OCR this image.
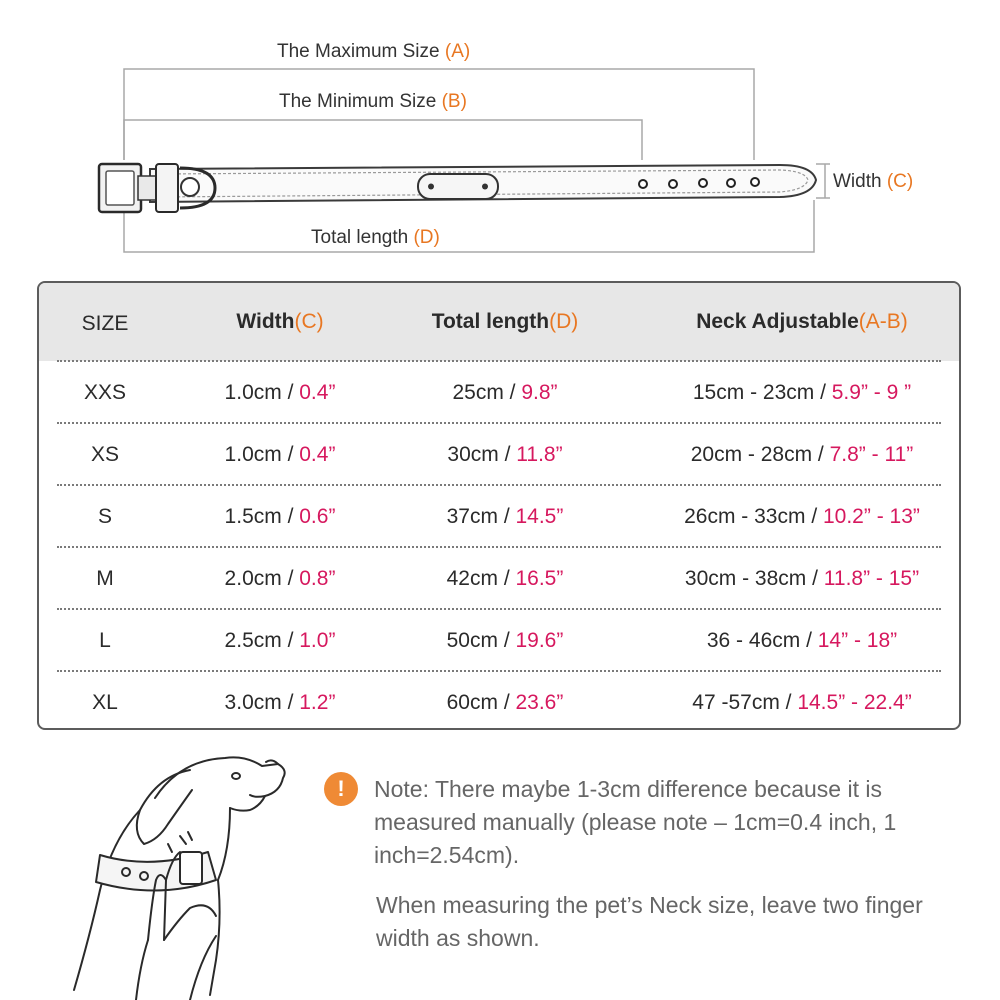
The Maximum Size (A)
The Minimum Size (B)
Width (C)
Total length (D)
SIZE	Width(C)	Total length(D)	Neck Adjustable(A-B)
XXS	1.0cm / 0.4”	25cm / 9.8”	15cm - 23cm / 5.9” - 9 ”
XS	1.0cm / 0.4”	30cm / 11.8”	20cm - 28cm / 7.8” - 11”
S	1.5cm / 0.6”	37cm / 14.5”	26cm - 33cm / 10.2” - 13”
M	2.0cm / 0.8”	42cm / 16.5”	30cm - 38cm / 11.8” - 15”
L	2.5cm / 1.0”	50cm / 19.6”	36 - 46cm / 14” - 18”
XL	3.0cm / 1.2”	60cm / 23.6”	47 -57cm / 14.5” - 22.4”
!	Note: There maybe 1-3cm difference because it is measured manually (please note – 1cm=0.4 inch, 1 inch=2.54cm).
When measuring the pet’s Neck size, leave two finger width as shown.
